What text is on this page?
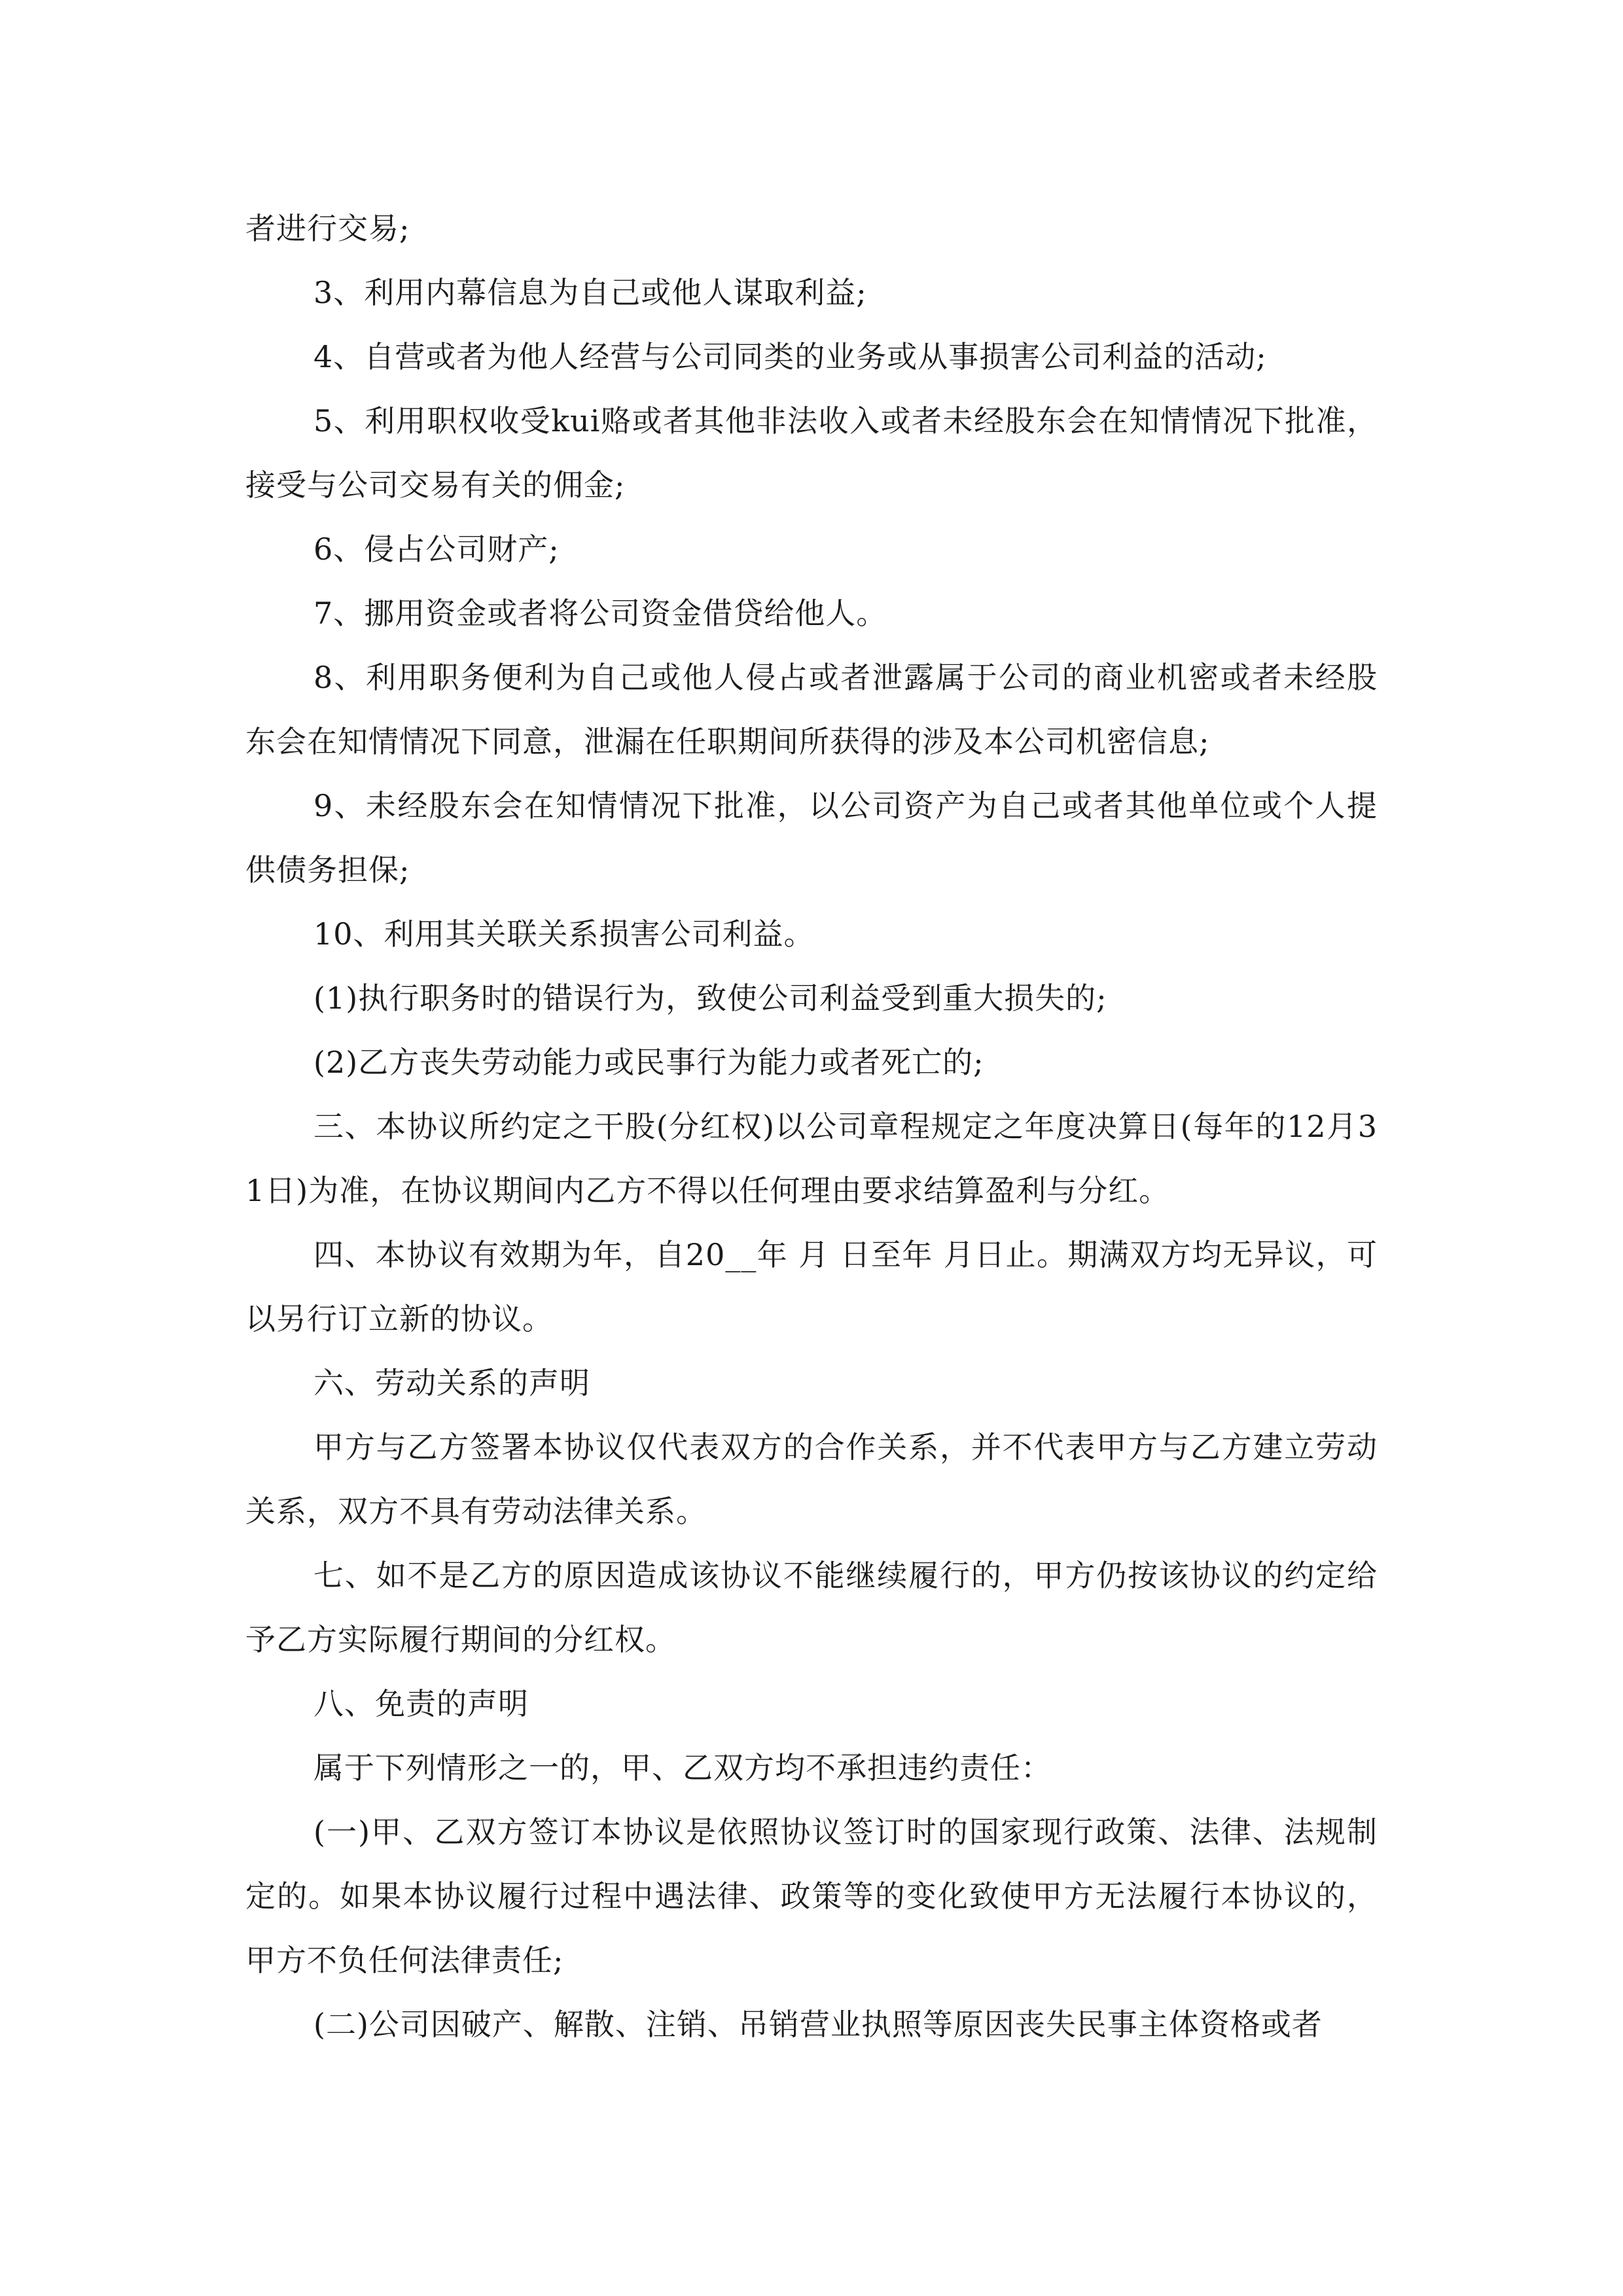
者进行交易;

3、利用内幕信息为自己或他人谋取利益;

4、自营或者为他人经营与公司同类的业务或从事损害公司利益的活动;

5、利用职权收受kui赂或者其他非法收入或者未经股东会在知情情况下批准，接受与公司交易有关的佣金;

6、侵占公司财产;

7、挪用资金或者将公司资金借贷给他人。

8、利用职务便利为自己或他人侵占或者泄露属于公司的商业机密或者未经股东会在知情情况下同意，泄漏在任职期间所获得的涉及本公司机密信息;

9、未经股东会在知情情况下批准，以公司资产为自己或者其他单位或个人提供债务担保;

10、利用其关联关系损害公司利益。

(1)执行职务时的错误行为，致使公司利益受到重大损失的;

(2)乙方丧失劳动能力或民事行为能力或者死亡的;

三、本协议所约定之干股(分红权)以公司章程规定之年度决算日(每年的12月31日)为准，在协议期间内乙方不得以任何理由要求结算盈利与分红。

四、本协议有效期为年，自20__年 月 日至年 月日止。期满双方均无异议，可以另行订立新的协议。

六、劳动关系的声明

甲方与乙方签署本协议仅代表双方的合作关系，并不代表甲方与乙方建立劳动关系，双方不具有劳动法律关系。

七、如不是乙方的原因造成该协议不能继续履行的，甲方仍按该协议的约定给予乙方实际履行期间的分红权。

八、免责的声明

属于下列情形之一的，甲、乙双方均不承担违约责任：

(一)甲、乙双方签订本协议是依照协议签订时的国家现行政策、法律、法规制定的。如果本协议履行过程中遇法律、政策等的变化致使甲方无法履行本协议的，甲方不负任何法律责任;

(二)公司因破产、解散、注销、吊销营业执照等原因丧失民事主体资格或者
